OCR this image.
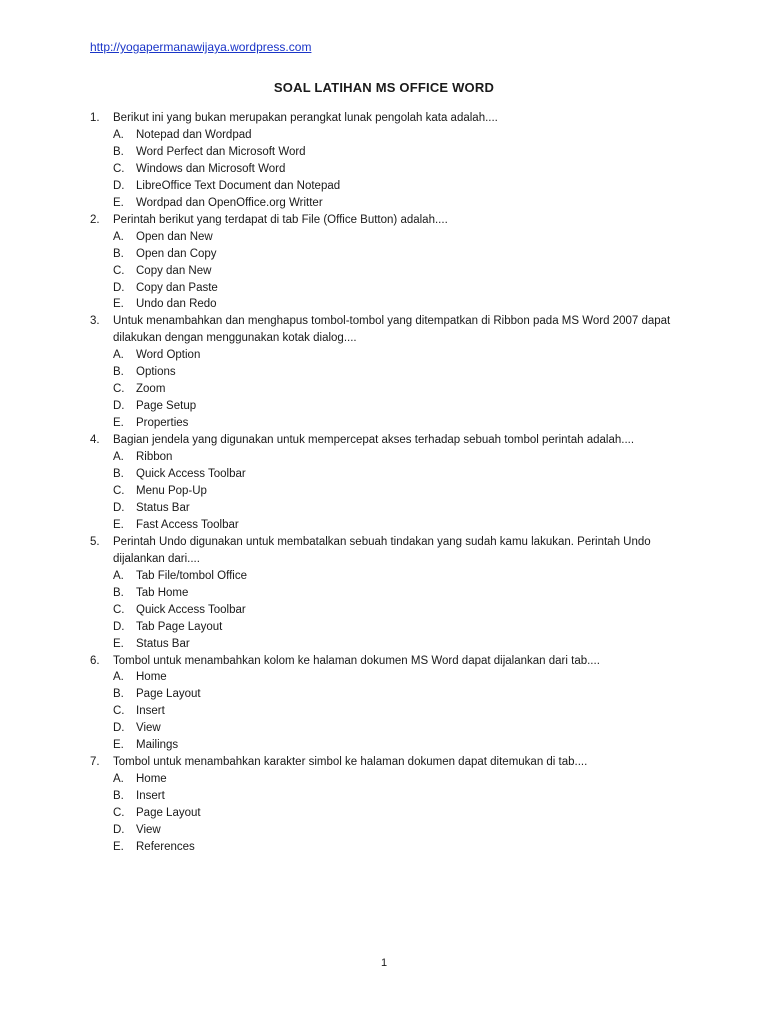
http://yogapermanawijaya.wordpress.com
SOAL LATIHAN MS OFFICE WORD
1.	Berikut ini yang bukan merupakan perangkat lunak pengolah kata adalah....
A.	Notepad dan Wordpad
B.	Word Perfect dan Microsoft Word
C.	Windows dan Microsoft Word
D.	LibreOffice Text Document dan Notepad
E.	Wordpad dan OpenOffice.org Writter
2.	Perintah berikut yang terdapat di tab File (Office Button) adalah....
A.	Open dan New
B.	Open dan Copy
C.	Copy dan New
D.	Copy dan Paste
E.	Undo dan Redo
3.	Untuk menambahkan dan menghapus tombol-tombol yang ditempatkan di Ribbon pada MS Word 2007 dapat dilakukan dengan menggunakan kotak dialog....
A.	Word Option
B.	Options
C.	Zoom
D.	Page Setup
E.	Properties
4.	Bagian jendela yang digunakan untuk mempercepat akses terhadap sebuah tombol perintah adalah....
A.	Ribbon
B.	Quick Access Toolbar
C.	Menu Pop-Up
D.	Status Bar
E.	Fast Access Toolbar
5.	Perintah Undo digunakan untuk membatalkan sebuah tindakan yang sudah kamu lakukan. Perintah Undo dijalankan dari....
A.	Tab File/tombol Office
B.	Tab Home
C.	Quick Access Toolbar
D.	Tab Page Layout
E.	Status Bar
6.	Tombol untuk menambahkan kolom ke halaman dokumen MS Word dapat dijalankan dari tab....
A.	Home
B.	Page Layout
C.	Insert
D.	View
E.	Mailings
7.	Tombol untuk menambahkan karakter simbol ke halaman dokumen dapat ditemukan di tab....
A.	Home
B.	Insert
C.	Page Layout
D.	View
E.	References
1
